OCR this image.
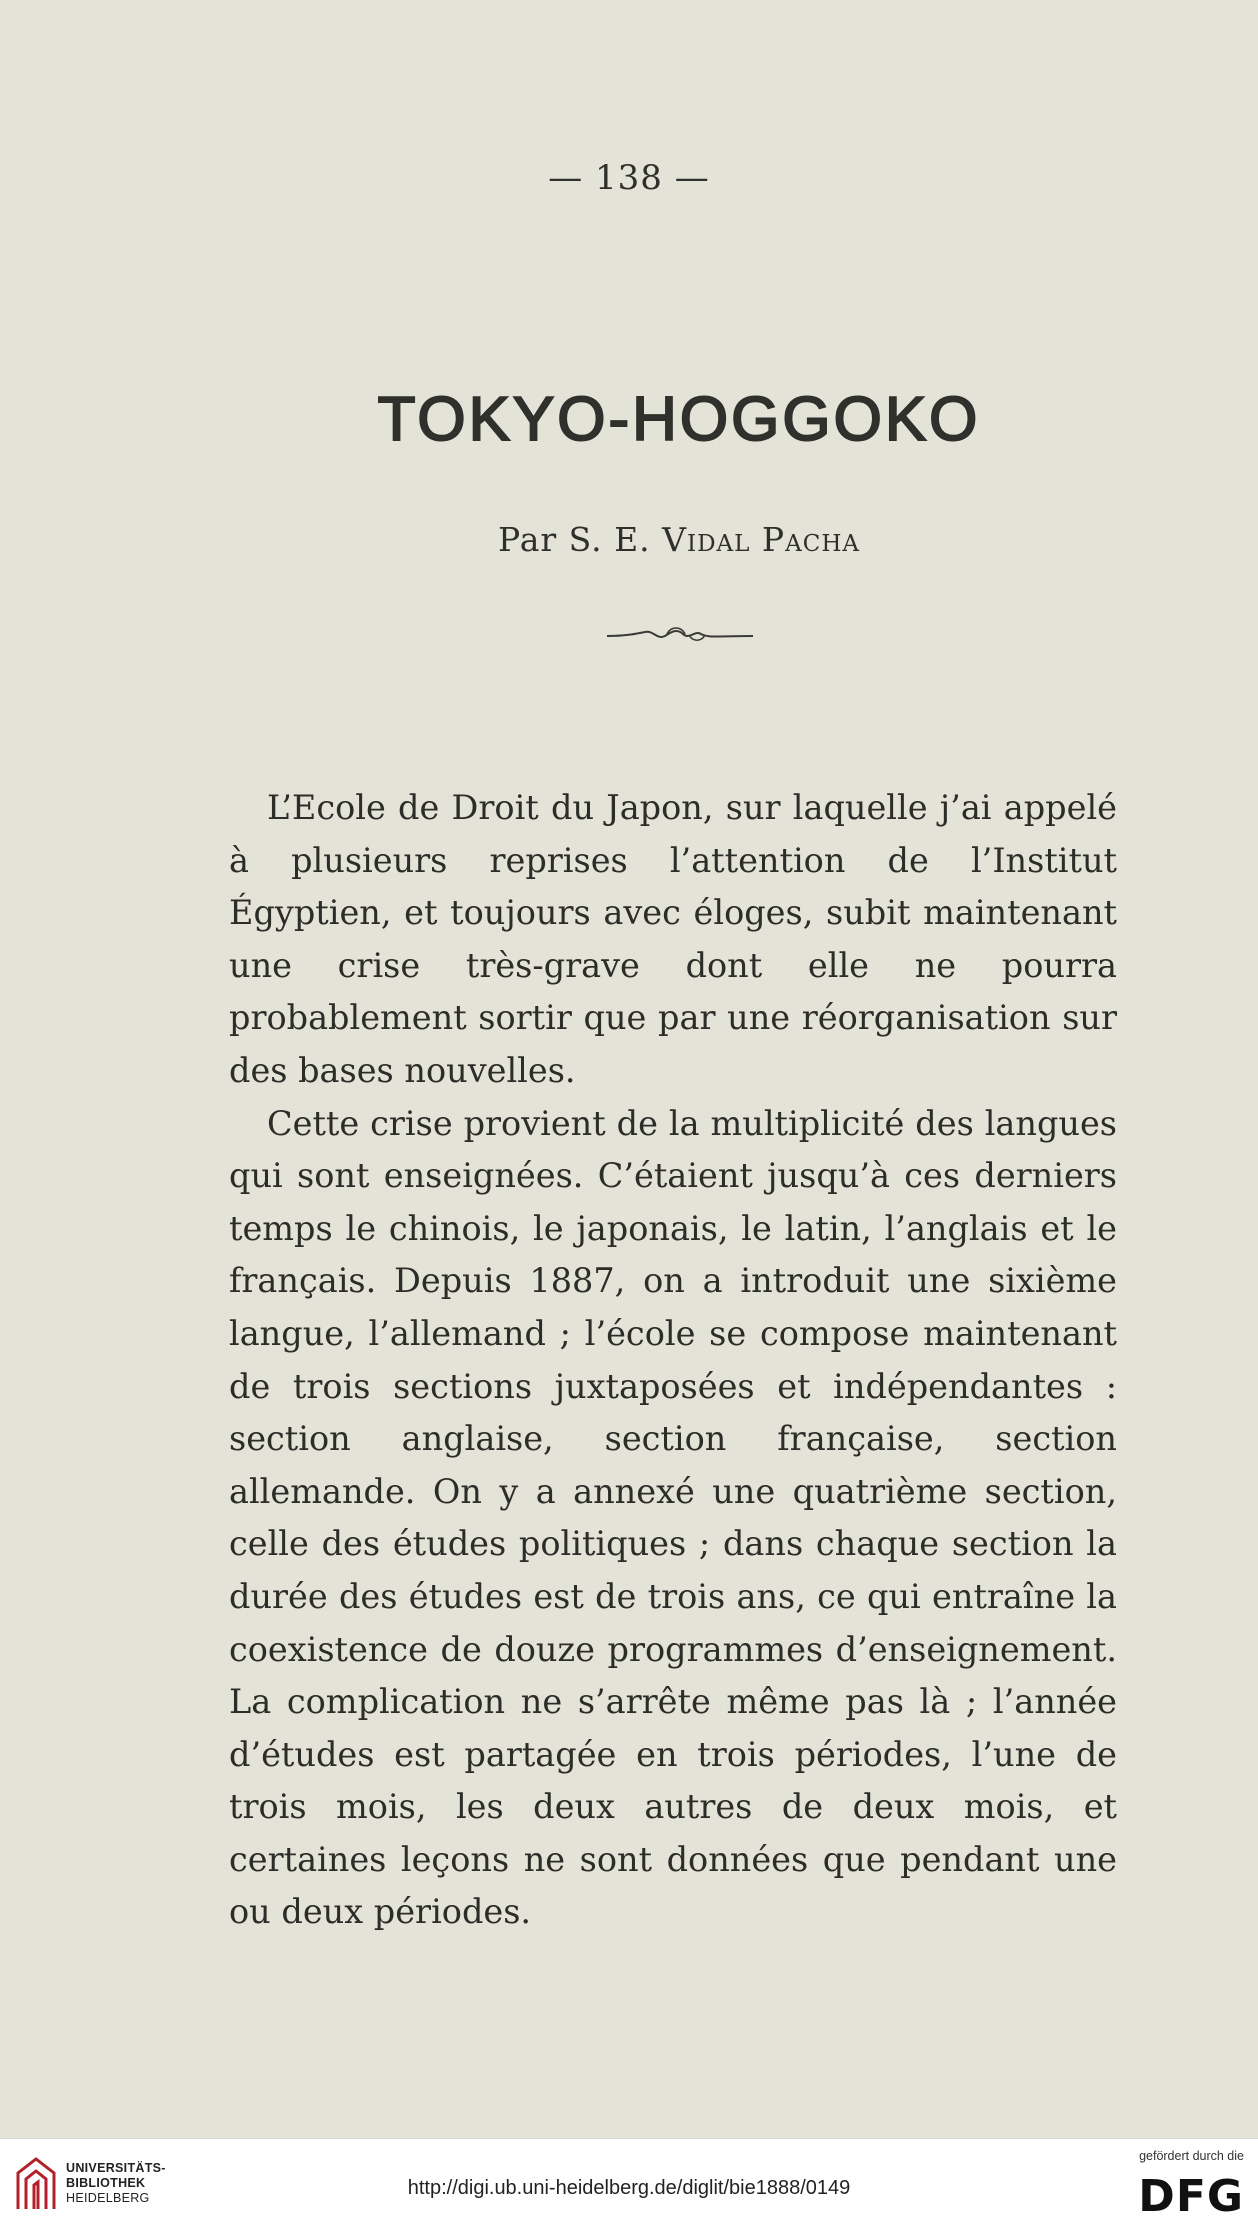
— 138 —
TOKYO-HOGGOKO
Par S. E. Vidal Pacha

L’Ecole de Droit du Japon, sur laquelle j’ai appelé à plusieurs reprises l’attention de l’Institut Égyptien, et toujours avec éloges, subit maintenant une crise très-grave dont elle ne pourra probablement sortir que par une réorganisation sur des bases nouvelles.

Cette crise provient de la multiplicité des langues qui sont enseignées. C’étaient jusqu’à ces derniers temps le chinois, le japonais, le latin, l’anglais et le français. Depuis 1887, on a introduit une sixième langue, l’allemand ; l’école se compose maintenant de trois sections juxtaposées et indépendantes : section anglaise, section française, section allemande. On y a annexé une quatrième section, celle des études politiques ; dans chaque section la durée des études est de trois ans, ce qui entraîne la coexistence de douze programmes d’enseignement. La complication ne s’arrête même pas là ; l’année d’études est partagée en trois périodes, l’une de trois mois, les deux autres de deux mois, et certaines leçons ne sont données que pendant une ou deux périodes.

UNIVERSITÄTS-
BIBLIOTHEK
HEIDELBERG	http://digi.ub.uni-heidelberg.de/diglit/bie1888/0149
gefördert durch die
DFG
